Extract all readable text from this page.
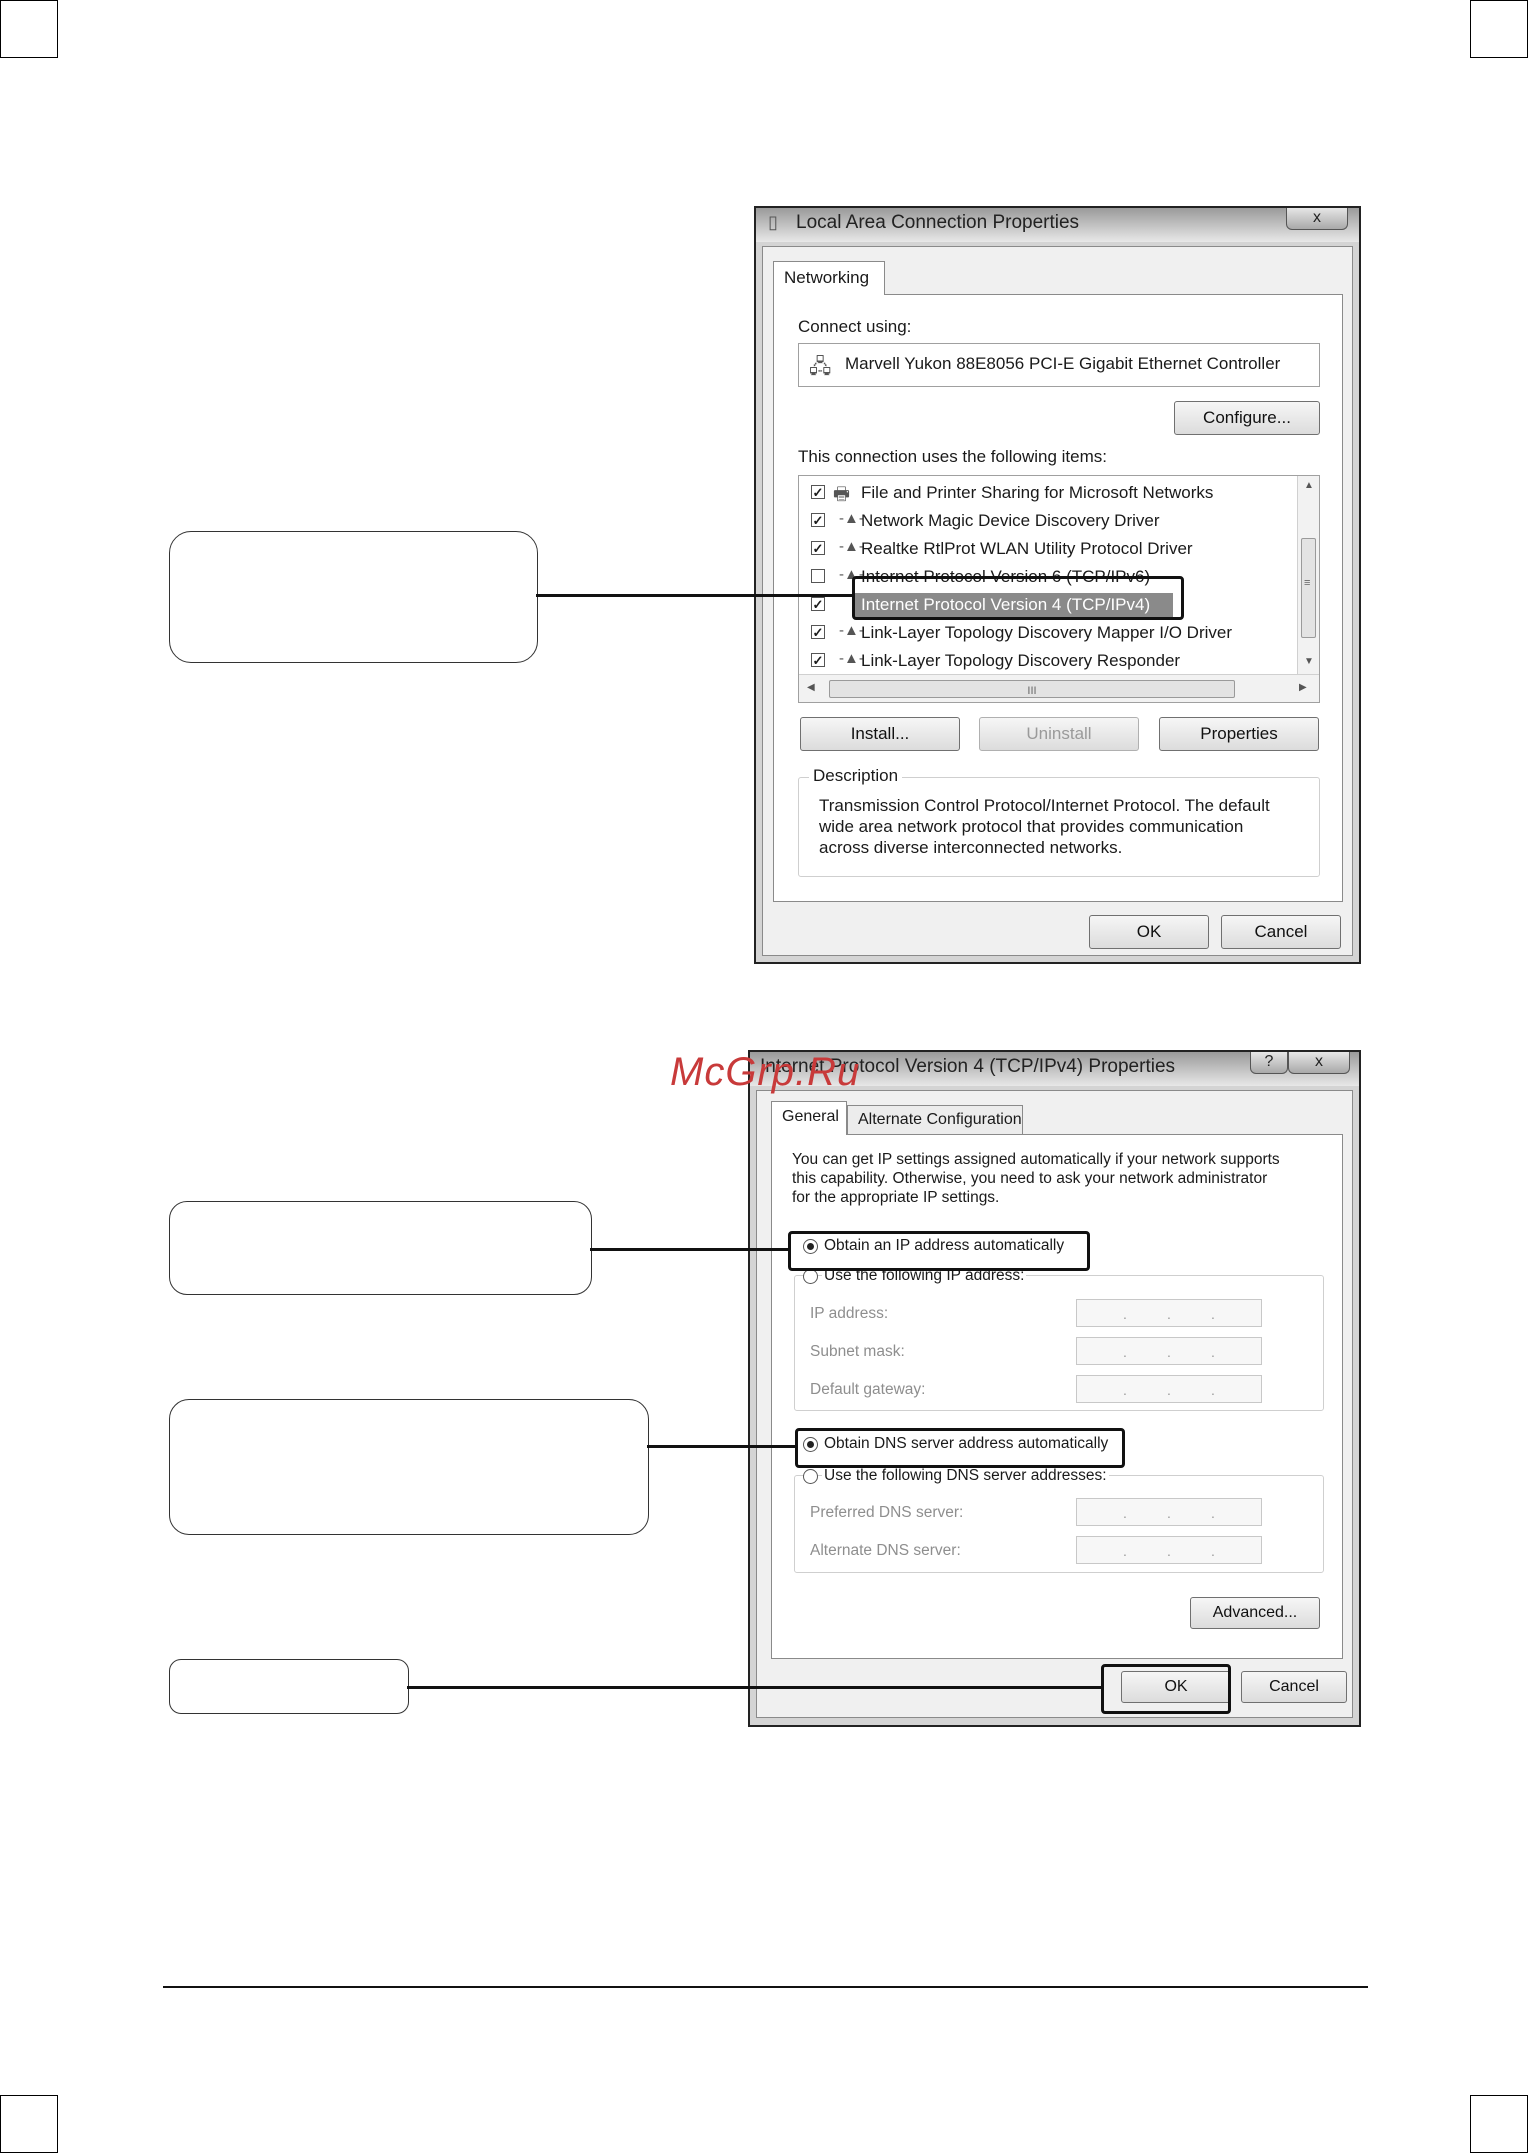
▯ Local Area Connection Properties	x
Networking
Connect using:
🖧 Marvell Yukon 88E8056 PCI-E Gigabit Ethernet Controller
Configure...
This connection uses the following items:
✓ 🖶 File and Printer Sharing for Microsoft Networks
✓ -▲-
Network Magic Device Discovery Driver
✓ -▲-
Realtke RtlProt WLAN Utility Protocol Driver
-▲-
Internet Protocol Version 6 (TCP/IPv6)
✓ Internet Protocol Version 4 (TCP/IPv4)
✓ -▲-
Link-Layer Topology Discovery Mapper I/O Driver
✓ -▲-
Link-Layer Topology Discovery Responder
▲
≡
▼
◀	III	▶
Install...	Uninstall	Properties
Description
Transmission Control Protocol/Internet Protocol. The default
wide area network protocol that provides communication
across diverse interconnected networks.
OK	Cancel
McGrp.Ru
Internet Protocol Version 4 (TCP/IPv4) Properties	?	x
General	Alternate Configuration
You can get IP settings assigned automatically if your network supports
this capability. Otherwise, you need to ask your network administrator
for the appropriate IP settings.
Obtain an IP address automatically
Use the following IP address:
IP address:	.	.	.
Subnet mask:	.	.	.
Default gateway:	.	.	.
Obtain DNS server address automatically
Use the following DNS server addresses:
Preferred DNS server:	.	.	.
Alternate DNS server:	.	.	.
Advanced...
OK	Cancel
